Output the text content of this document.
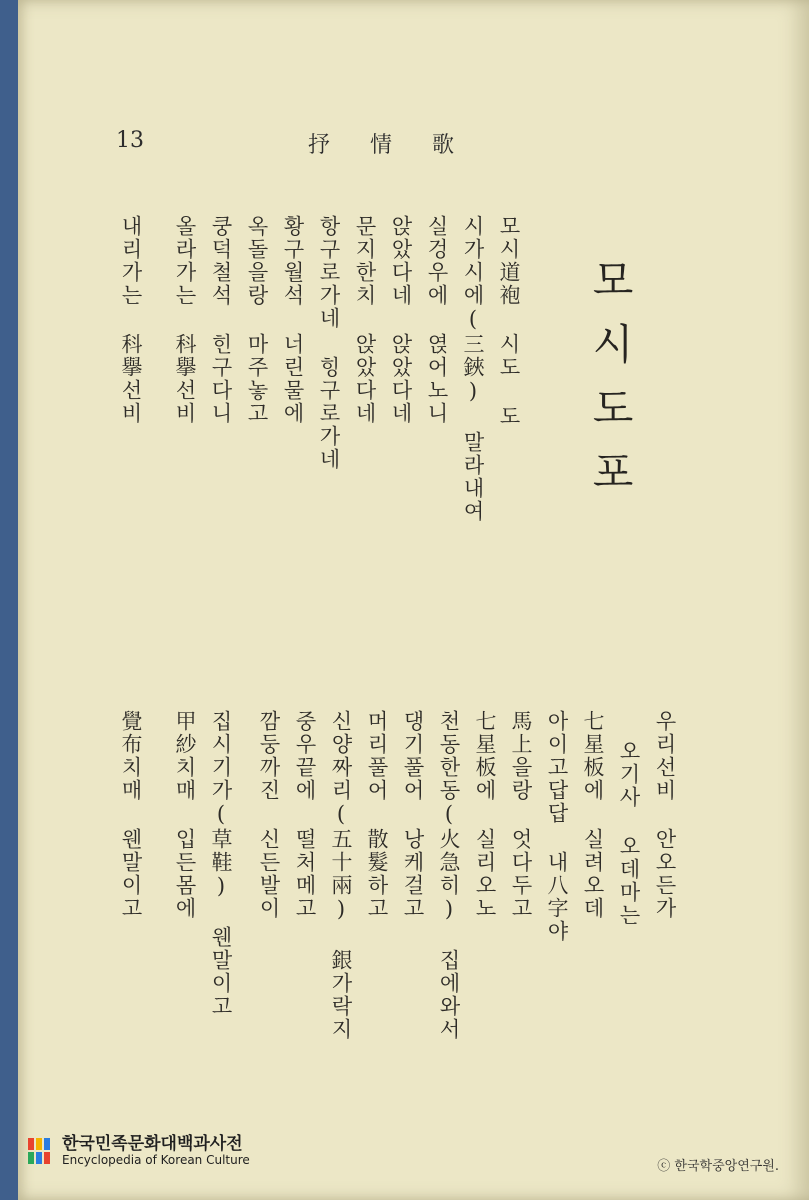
13	抒情歌
모시도포
모시道袍 시도 도
시가시에(三鋏) 말라내여
실겅우에 엱어노니
앉았다네 앉았다네
문지한치 앉았다네
항구로가네 힝구로가네
황구월석 너린물에
옥돌을랑 마주놓고
쿵덕철석 힌구다니
올라가는 科擧선비
내리가는 科擧선비
우리선비 안오든가
오기사 오데마는
七星板에 실려오데
아이고답답 내八字야
馬上을랑 엇다두고
七星板에 실리오노
천동한동(火急히) 집에와서
댕기풀어 낭케걸고
머리풀어 散髮하고
신양짜리(五十兩) 銀가락지
중우끝에 떨처메고
깜둥까진 신든발이
집시기가(草鞋) 웬말이고
甲紗치매 입든몸에
覺布치매 웬말이고
한국민족문화대백과사전
Encyclopedia of Korean Culture	ⓒ 한국학중앙연구원.
